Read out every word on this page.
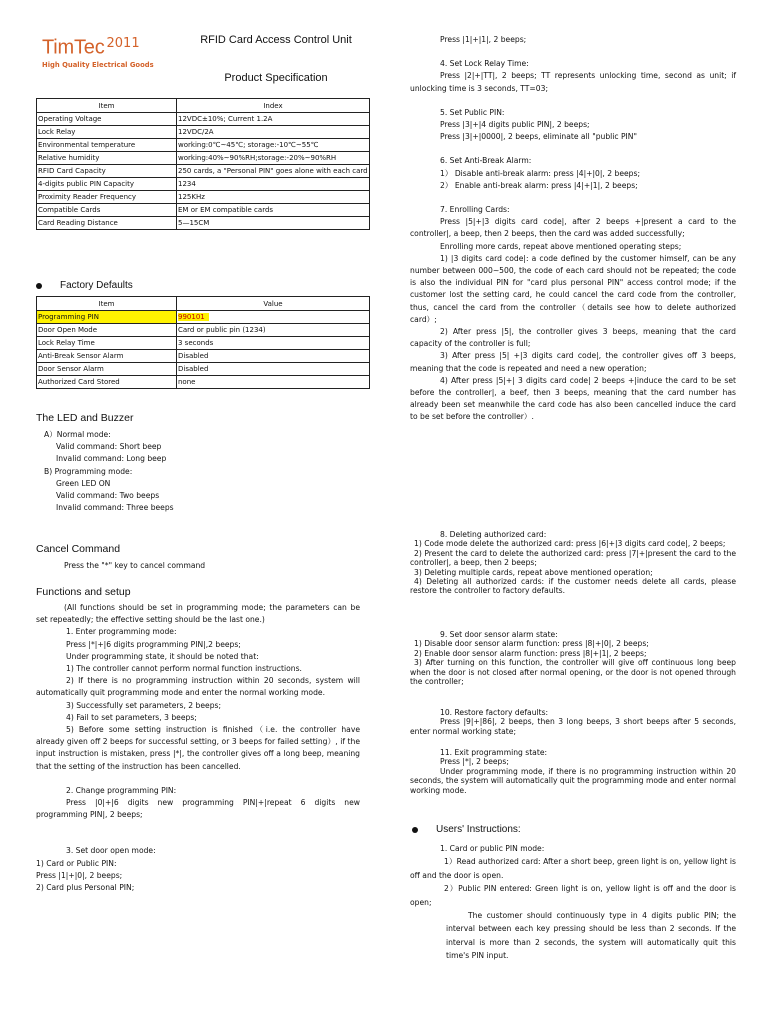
TimTec $^{2011}$
High Quality Electrical Goods
RFID Card Access Control Unit
Product Specification
Item	Index
Operating Voltage	12VDC±10%; Current 1.2A
Lock Relay	12VDC/2A
Environmental temperature	working:0℃~45℃; storage:-10℃~55℃
Relative humidity	working:40%~90%RH;storage:-20%~90%RH
RFID Card Capacity	250 cards, a "Personal PIN" goes alone with each card
4-digits public PIN Capacity	1234
Proximity Reader Frequency	125KHz
Compatible Cards	EM or EM compatible cards
Card Reading Distance	5—15CM
Factory Defaults
Item	Value
Programming PIN	990101
Door Open Mode	Card or public pin (1234)
Lock Relay Time	3 seconds
Anti-Break Sensor Alarm	Disabled
Door Sensor Alarm	Disabled
Authorized Card Stored	none
The LED and Buzzer

A）Normal mode:

Valid command: Short beep

Invalid command: Long beep

B) Programming mode:

Green LED ON

Valid command: Two beeps

Invalid command: Three beeps

Cancel Command
Press the "*" key to cancel command
Functions and setup

(All functions should be set in programming mode; the parameters can be set repeatedly; the effective setting should be the last one.)

1. Enter programming mode:

Press |*|+|6 digits programming PIN|,2 beeps;

Under programming state, it should be noted that:

1) The controller cannot perform normal function instructions.

2) If there is no programming instruction within 20 seconds, system will automatically quit programming mode and enter the normal working mode.

3) Successfully set parameters, 2 beeps;

4) Fail to set parameters, 3 beeps;

5) Before some setting instruction is finished（i.e. the controller have already given off 2 beeps for successful setting, or 3 beeps for failed setting）, if the input instruction is mistaken, press |*|, the controller gives off a long beep, meaning that the setting of the instruction has been cancelled.

2. Change programming PIN:

Press |0|+|6 digits new programming PIN|+|repeat 6 digits new programming PIN|, 2 beeps;

3. Set door open mode:

1) Card or Public PIN:

Press |1|+|0|, 2 beeps;

2) Card plus Personal PIN;

Press |1|+|1|, 2 beeps;

4. Set Lock Relay Time:

Press |2|+|TT|, 2 beeps; TT represents unlocking time, second as unit; if unlocking time is 3 seconds, TT=03;

5. Set Public PIN:

Press |3|+|4 digits public PIN|, 2 beeps;

Press |3|+|0000|, 2 beeps, eliminate all "public PIN"

6. Set Anti-Break Alarm:

1） Disable anti-break alarm: press |4|+|0|, 2 beeps;

2） Enable anti-break alarm: press |4|+|1|, 2 beeps;

7. Enrolling Cards:

Press |5|+|3 digits card code|, after 2 beeps +|present a card to the controller|, a beep, then 2 beeps, then the card was added successfully;

Enrolling more cards, repeat above mentioned operating steps;

1) |3 digits card code|: a code defined by the customer himself, can be any number between 000~500, the code of each card should not be repeated; the code is also the individual PIN for "card plus personal PIN" access control mode; if the customer lost the setting card, he could cancel the card code from the controller, thus, cancel the card from the controller（details see how to delete authorized card）;

2) After press |5|, the controller gives 3 beeps, meaning that the card capacity of the controller is full;

3) After press |5| +|3 digits card code|, the controller gives off 3 beeps, meaning that the code is repeated and need a new operation;

4) After press |5|+| 3 digits card code| 2 beeps +|induce the card to be set before the controller|, a beef, then 3 beeps, meaning that the card number has already been set meanwhile the card code has also been cancelled induce the card to be set before the controller）.

8. Deleting authorized card:

1) Code mode delete the authorized card: press |6|+|3 digits card code|, 2 beeps;

2) Present the card to delete the authorized card: press |7|+|present the card to the controller|, a beep, then 2 beeps;

3) Deleting multiple cards, repeat above mentioned operation;

4) Deleting all authorized cards: if the customer needs delete all cards, please restore the controller to factory defaults.

9. Set door sensor alarm state:

1) Disable door sensor alarm function: press |8|+|0|, 2 beeps;

2) Enable door sensor alarm function: press |8|+|1|, 2 beeps;

3) After turning on this function, the controller will give off continuous long beep when the door is not closed after normal opening, or the door is not opened through the controller;

10. Restore factory defaults:

Press |9|+|86|, 2 beeps, then 3 long beeps, 3 short beeps after 5 seconds, enter normal working state;

11. Exit programming state:

Press |*|, 2 beeps;

Under programming mode, if there is no programming instruction within 20 seconds, the system will automatically quit the programming mode and enter normal working mode.

Users' Instructions:

1. Card or public PIN mode:

1）Read authorized card: After a short beep, green light is on, yellow light is off and the door is open.

2）Public PIN entered: Green light is on, yellow light is off and the door is open;

The customer should continuously type in 4 digits public PIN; the interval between each key pressing should be less than 2 seconds. If the interval is more than 2 seconds, the system will automatically quit this time's PIN input.
